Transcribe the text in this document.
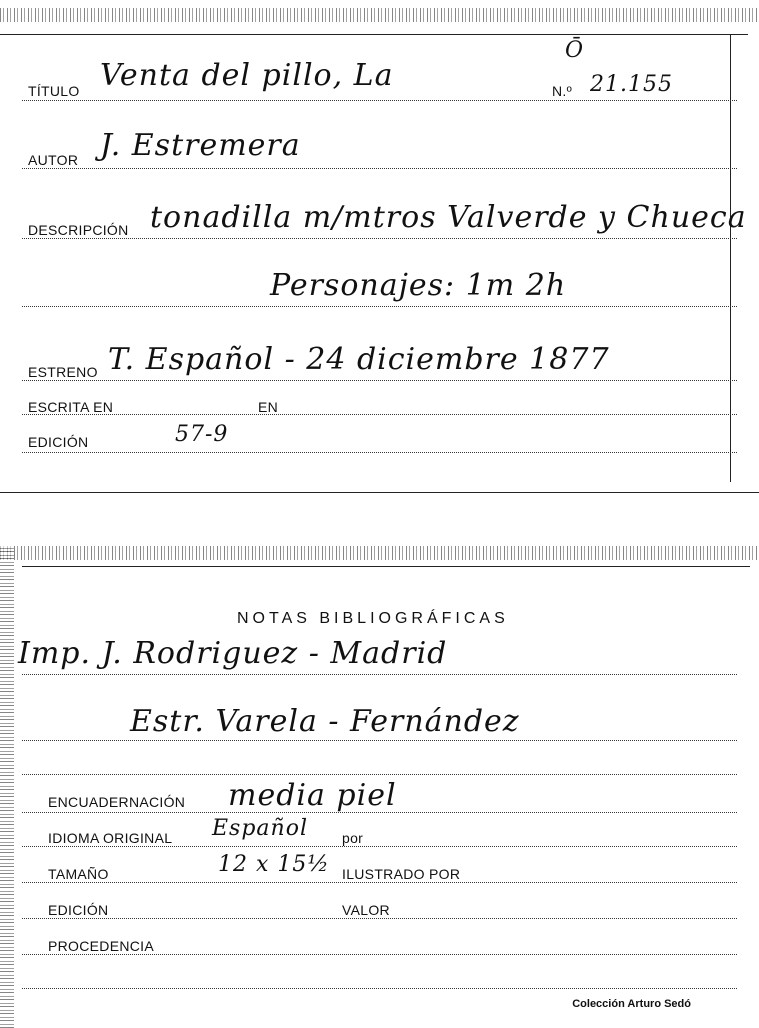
TÍTULO Venta del pillo, La
Ō
N.º 21.155
AUTOR J. Estremera
DESCRIPCIÓN tonadilla m/mtros Valverde y Chueca
Personajes: 1m 2h
ESTRENO T. Español - 24 diciembre 1877
ESCRITA EN	EN
EDICIÓN	57-9
NOTAS BIBLIOGRÁFICAS
Imp. J. Rodriguez - Madrid
Estr. Varela - Fernández
ENCUADERNACIÓN media piel
IDIOMA ORIGINAL Español por
TAMAÑO	12 x 15½ ILUSTRADO POR
EDICIÓN	VALOR
PROCEDENCIA
Colección Arturo Sedó
